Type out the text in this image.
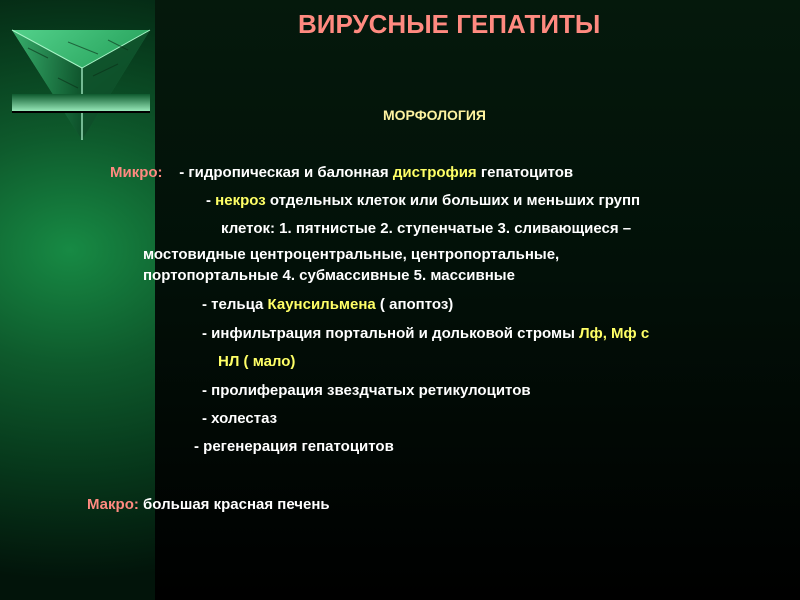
ВИРУСНЫЕ ГЕПАТИТЫ
МОРФОЛОГИЯ
Микро: - гидропическая и балонная дистрофия гепатоцитов
- некроз отдельных клеток или больших и меньших групп
клеток: 1. пятнистые 2. ступенчатые 3. сливающиеся –
мостовидные центроцентральные, центропортальные,
портопортальные 4. субмассивные 5. массивные
- тельца Каунсильмена ( апоптоз)
- инфильтрация портальной и дольковой стромы Лф, Мф с
НЛ ( мало)
- пролиферация звездчатых ретикулоцитов
- холестаз
- регенерация гепатоцитов
Макро: большая красная печень
